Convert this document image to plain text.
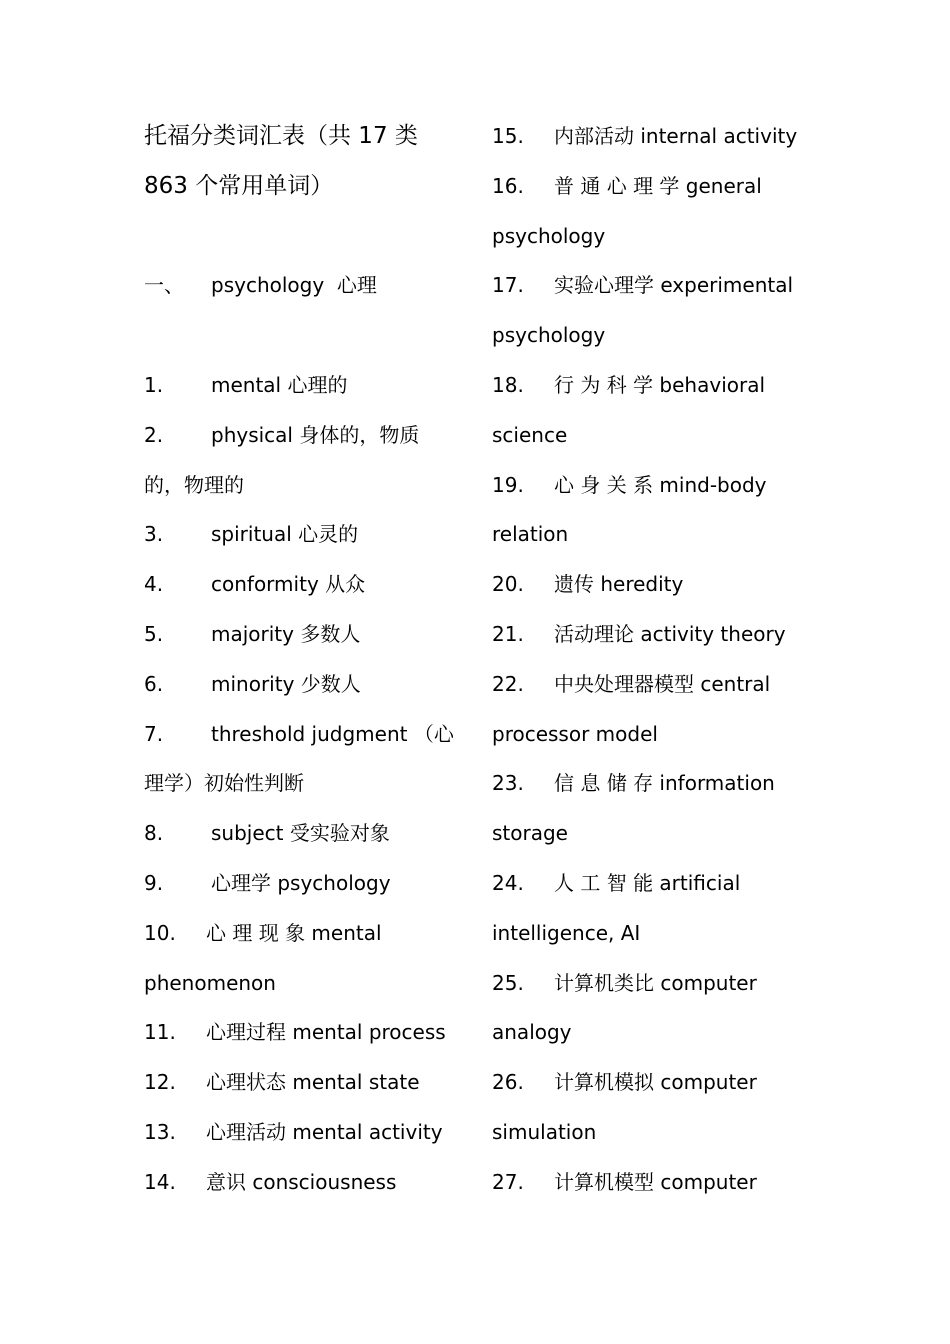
托福分类词汇表（共 17 类
863 个常用单词）
一、 psychology 心理
1. mental 心理的
2. physical 身体的，物质
的，物理的
3. spiritual 心灵的
4. conformity 从众
5. majority 多数人
6. minority 少数人
7. threshold judgment （心
理学）初始性判断
8. subject 受实验对象
9. 心理学 psychology
10. 心 理 现 象 mental
phenomenon
11. 心理过程 mental process
12. 心理状态 mental state
13. 心理活动 mental activity
14. 意识 consciousness
15. 内部活动 internal activity
16. 普 通 心 理 学 general
psychology
17. 实验心理学 experimental
psychology
18. 行 为 科 学 behavioral
science
19. 心 身 关 系 mind-body
relation
20. 遗传 heredity
21. 活动理论 activity theory
22. 中央处理器模型 central
processor model
23. 信 息 储 存 information
storage
24. 人 工 智 能 artificial
intelligence, AI
25. 计算机类比 computer
analogy
26. 计算机模拟 computer
simulation
27. 计算机模型 computer
